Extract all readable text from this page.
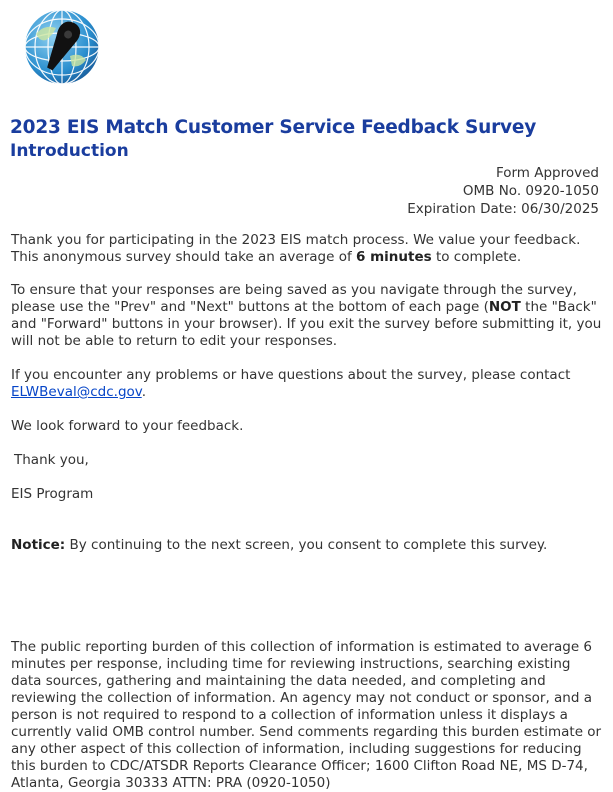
2023 EIS Match Customer Service Feedback Survey
Introduction
Form Approved
OMB No. 0920-1050
Expiration Date: 06/30/2025

Thank you for participating in the 2023 EIS match process. We value your feedback. This anonymous survey should take an average of 6 minutes to complete.

To ensure that your responses are being saved as you navigate through the survey, please use the "Prev" and "Next" buttons at the bottom of each page (NOT the "Back" and "Forward" buttons in your browser). If you exit the survey before submitting it, you will not be able to return to edit your responses.

If you encounter any problems or have questions about the survey, please contact ELWBeval@cdc.gov.

We look forward to your feedback.

Thank you,

EIS Program

Notice: By continuing to the next screen, you consent to complete this survey.

The public reporting burden of this collection of information is estimated to average 6 minutes per response, including time for reviewing instructions, searching existing data sources, gathering and maintaining the data needed, and completing and reviewing the collection of information. An agency may not conduct or sponsor, and a person is not required to respond to a collection of information unless it displays a currently valid OMB control number. Send comments regarding this burden estimate or any other aspect of this collection of information, including suggestions for reducing this burden to CDC/ATSDR Reports Clearance Officer; 1600 Clifton Road NE, MS D-74, Atlanta, Georgia 30333 ATTN: PRA (0920-1050)
